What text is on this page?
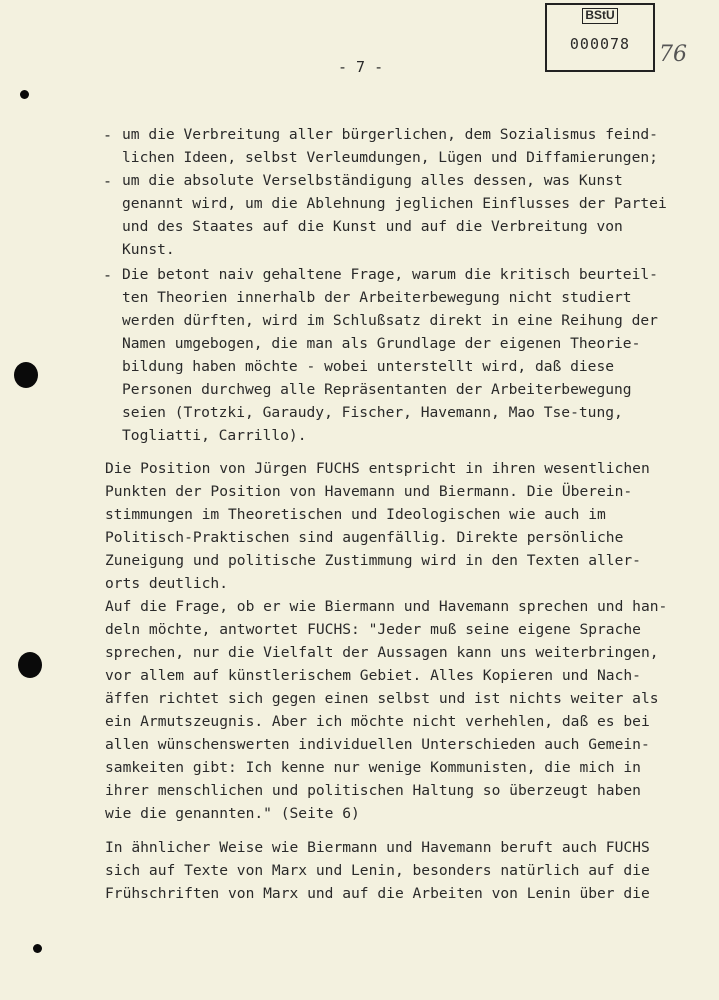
BStU
000078	76
- 7 -
- um die Verbreitung aller bürgerlichen, dem Sozialismus feind-
lichen Ideen, selbst Verleumdungen, Lügen und Diffamierungen;
- um die absolute Verselbständigung alles dessen, was Kunst
genannt wird, um die Ablehnung jeglichen Einflusses der Partei
und des Staates auf die Kunst und auf die Verbreitung von
Kunst.
- Die betont naiv gehaltene Frage, warum die kritisch beurteil-
ten Theorien innerhalb der Arbeiterbewegung nicht studiert
werden dürften, wird im Schlußsatz direkt in eine Reihung der
Namen umgebogen, die man als Grundlage der eigenen Theorie-
bildung haben möchte - wobei unterstellt wird, daß diese
Personen durchweg alle Repräsentanten der Arbeiterbewegung
seien (Trotzki, Garaudy, Fischer, Havemann, Mao Tse-tung,
Togliatti, Carrillo).
Die Position von Jürgen FUCHS entspricht in ihren wesentlichen
Punkten der Position von Havemann und Biermann. Die Überein-
stimmungen im Theoretischen und Ideologischen wie auch im
Politisch-Praktischen sind augenfällig. Direkte persönliche
Zuneigung und politische Zustimmung wird in den Texten aller-
orts deutlich.
Auf die Frage, ob er wie Biermann und Havemann sprechen und han-
deln möchte, antwortet FUCHS: "Jeder muß seine eigene Sprache
sprechen, nur die Vielfalt der Aussagen kann uns weiterbringen,
vor allem auf künstlerischem Gebiet. Alles Kopieren und Nach-
äffen richtet sich gegen einen selbst und ist nichts weiter als
ein Armutszeugnis. Aber ich möchte nicht verhehlen, daß es bei
allen wünschenswerten individuellen Unterschieden auch Gemein-
samkeiten gibt: Ich kenne nur wenige Kommunisten, die mich in
ihrer menschlichen und politischen Haltung so überzeugt haben
wie die genannten." (Seite 6)
In ähnlicher Weise wie Biermann und Havemann beruft auch FUCHS
sich auf Texte von Marx und Lenin, besonders natürlich auf die
Frühschriften von Marx und auf die Arbeiten von Lenin über die
